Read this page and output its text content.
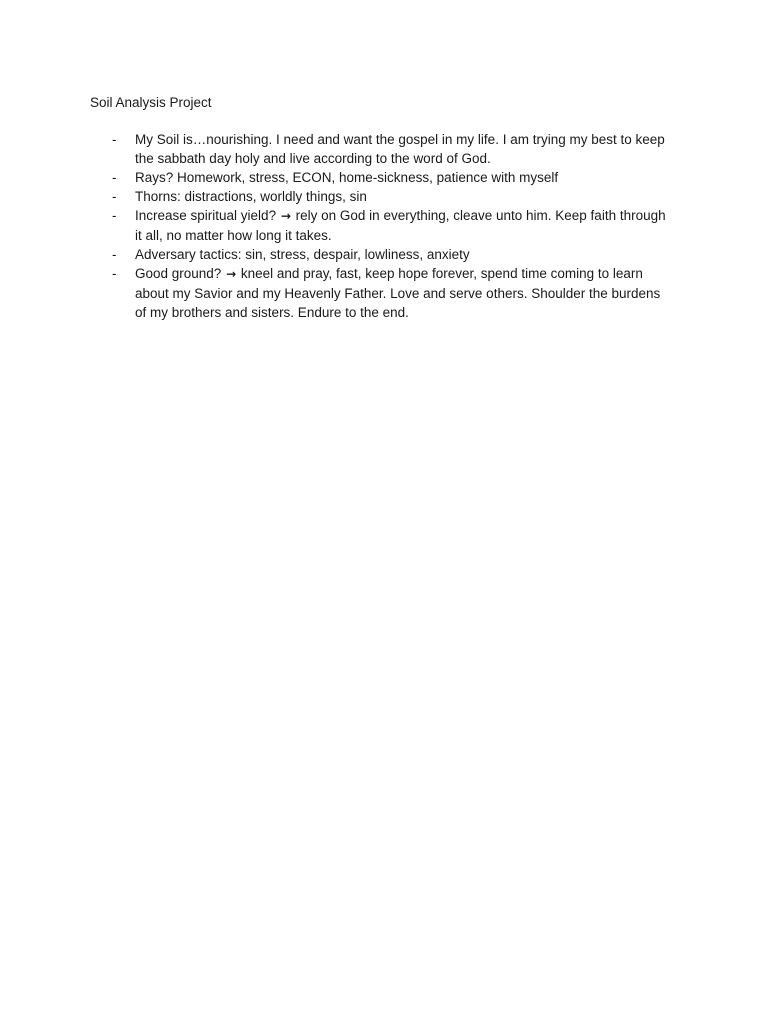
Soil Analysis Project

-	My Soil is…nourishing. I need and want the gospel in my life. I am trying my best to keep the sabbath day holy and live according to the word of God.
-	Rays? Homework, stress, ECON, home-sickness, patience with myself
-	Thorns: distractions, worldly things, sin
-	Increase spiritual yield? → rely on God in everything, cleave unto him. Keep faith through it all, no matter how long it takes.
-	Adversary tactics: sin, stress, despair, lowliness, anxiety
-	Good ground? → kneel and pray, fast, keep hope forever, spend time coming to learn about my Savior and my Heavenly Father. Love and serve others. Shoulder the burdens of my brothers and sisters. Endure to the end.
